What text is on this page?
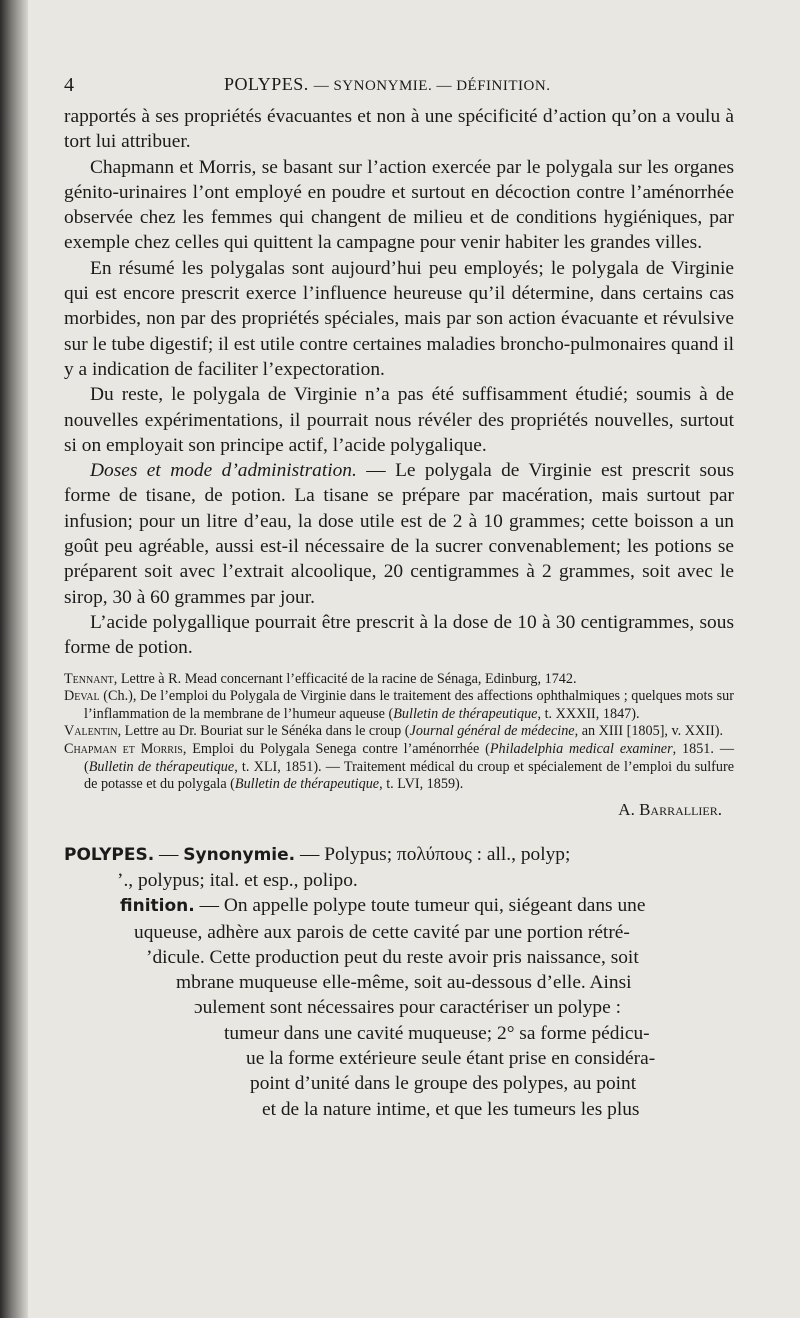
4	POLYPES. — SYNONYMIE. — DÉFINITION.

rapportés à ses propriétés évacuantes et non à une spécificité d’action qu’on a voulu à tort lui attribuer.

Chapmann et Morris, se basant sur l’action exercée par le polygala sur les organes génito-urinaires l’ont employé en poudre et surtout en décoction contre l’aménorrhée observée chez les femmes qui changent de milieu et de conditions hygiéniques, par exemple chez celles qui quittent la campagne pour venir habiter les grandes villes.

En résumé les polygalas sont aujourd’hui peu employés; le polygala de Virginie qui est encore prescrit exerce l’influence heureuse qu’il détermine, dans certains cas morbides, non par des propriétés spéciales, mais par son action évacuante et révulsive sur le tube digestif; il est utile contre certaines maladies broncho-pulmonaires quand il y a indication de faciliter l’expectoration.

Du reste, le polygala de Virginie n’a pas été suffisamment étudié; soumis à de nouvelles expérimentations, il pourrait nous révéler des propriétés nouvelles, surtout si on employait son principe actif, l’acide polygalique.

Doses et mode d’administration. — Le polygala de Virginie est prescrit sous forme de tisane, de potion. La tisane se prépare par macération, mais surtout par infusion; pour un litre d’eau, la dose utile est de 2 à 10 grammes; cette boisson a un goût peu agréable, aussi est-il nécessaire de la sucrer convenablement; les potions se préparent soit avec l’extrait alcoolique, 20 centigrammes à 2 grammes, soit avec le sirop, 30 à 60 grammes par jour.

L’acide polygallique pourrait être prescrit à la dose de 10 à 30 centigrammes, sous forme de potion.

Tennant, Lettre à R. Mead concernant l’efficacité de la racine de Sénaga, Edinburg, 1742.

Deval (Ch.), De l’emploi du Polygala de Virginie dans le traitement des affections ophthalmiques ; quelques mots sur l’inflammation de la membrane de l’humeur aqueuse (Bulletin de thérapeutique, t. XXXII, 1847).

Valentin, Lettre au Dr. Bouriat sur le Sénéka dans le croup (Journal général de médecine, an XIII [1805], v. XXII).

Chapman et Morris, Emploi du Polygala Senega contre l’aménorrhée (Philadelphia medical examiner, 1851. — (Bulletin de thérapeutique, t. XLI, 1851). — Traitement médical du croup et spécialement de l’emploi du sulfure de potasse et du polygala (Bulletin de thérapeutique, t. LVI, 1859).

A. Barrallier.
POLYPES. — Synonymie. — Polypus; πολύπους : all., polyp;
’., polypus; ital. et esp., polipo.
finition. — On appelle polype toute tumeur qui, siégeant dans une
uqueuse, adhère aux parois de cette cavité par une portion rétré-
’dicule. Cette production peut du reste avoir pris naissance, soit
mbrane muqueuse elle-même, soit au-dessous d’elle. Ainsi
ɔulement sont nécessaires pour caractériser un polype :
tumeur dans une cavité muqueuse; 2° sa forme pédicu-
ue la forme extérieure seule étant prise en considéra-
point d’unité dans le groupe des polypes, au point
et de la nature intime, et que les tumeurs les plus
